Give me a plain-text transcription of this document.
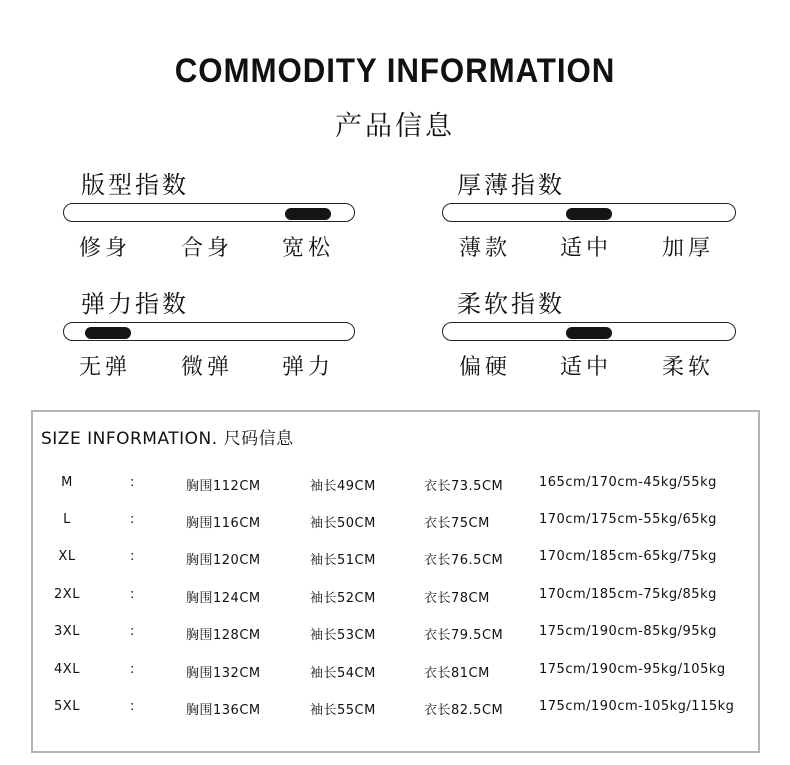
COMMODITY INFORMATION
产品信息
版型指数
修身 合身 宽松
厚薄指数
薄款 适中 加厚
弹力指数
无弹 微弹 弹力
柔软指数
偏硬 适中 柔软
SIZE INFORMATION. 尺码信息
M	:	胸围112CM	袖长49CM	衣长73.5CM	165cm/170cm-45kg/55kg
L	:	胸围116CM	袖长50CM	衣长75CM	170cm/175cm-55kg/65kg
XL	:	胸围120CM	袖长51CM	衣长76.5CM	170cm/185cm-65kg/75kg
2XL	:	胸围124CM	袖长52CM	衣长78CM	170cm/185cm-75kg/85kg
3XL	:	胸围128CM	袖长53CM	衣长79.5CM	175cm/190cm-85kg/95kg
4XL	:	胸围132CM	袖长54CM	衣长81CM	175cm/190cm-95kg/105kg
5XL	:	胸围136CM	袖长55CM	衣长82.5CM	175cm/190cm-105kg/115kg
